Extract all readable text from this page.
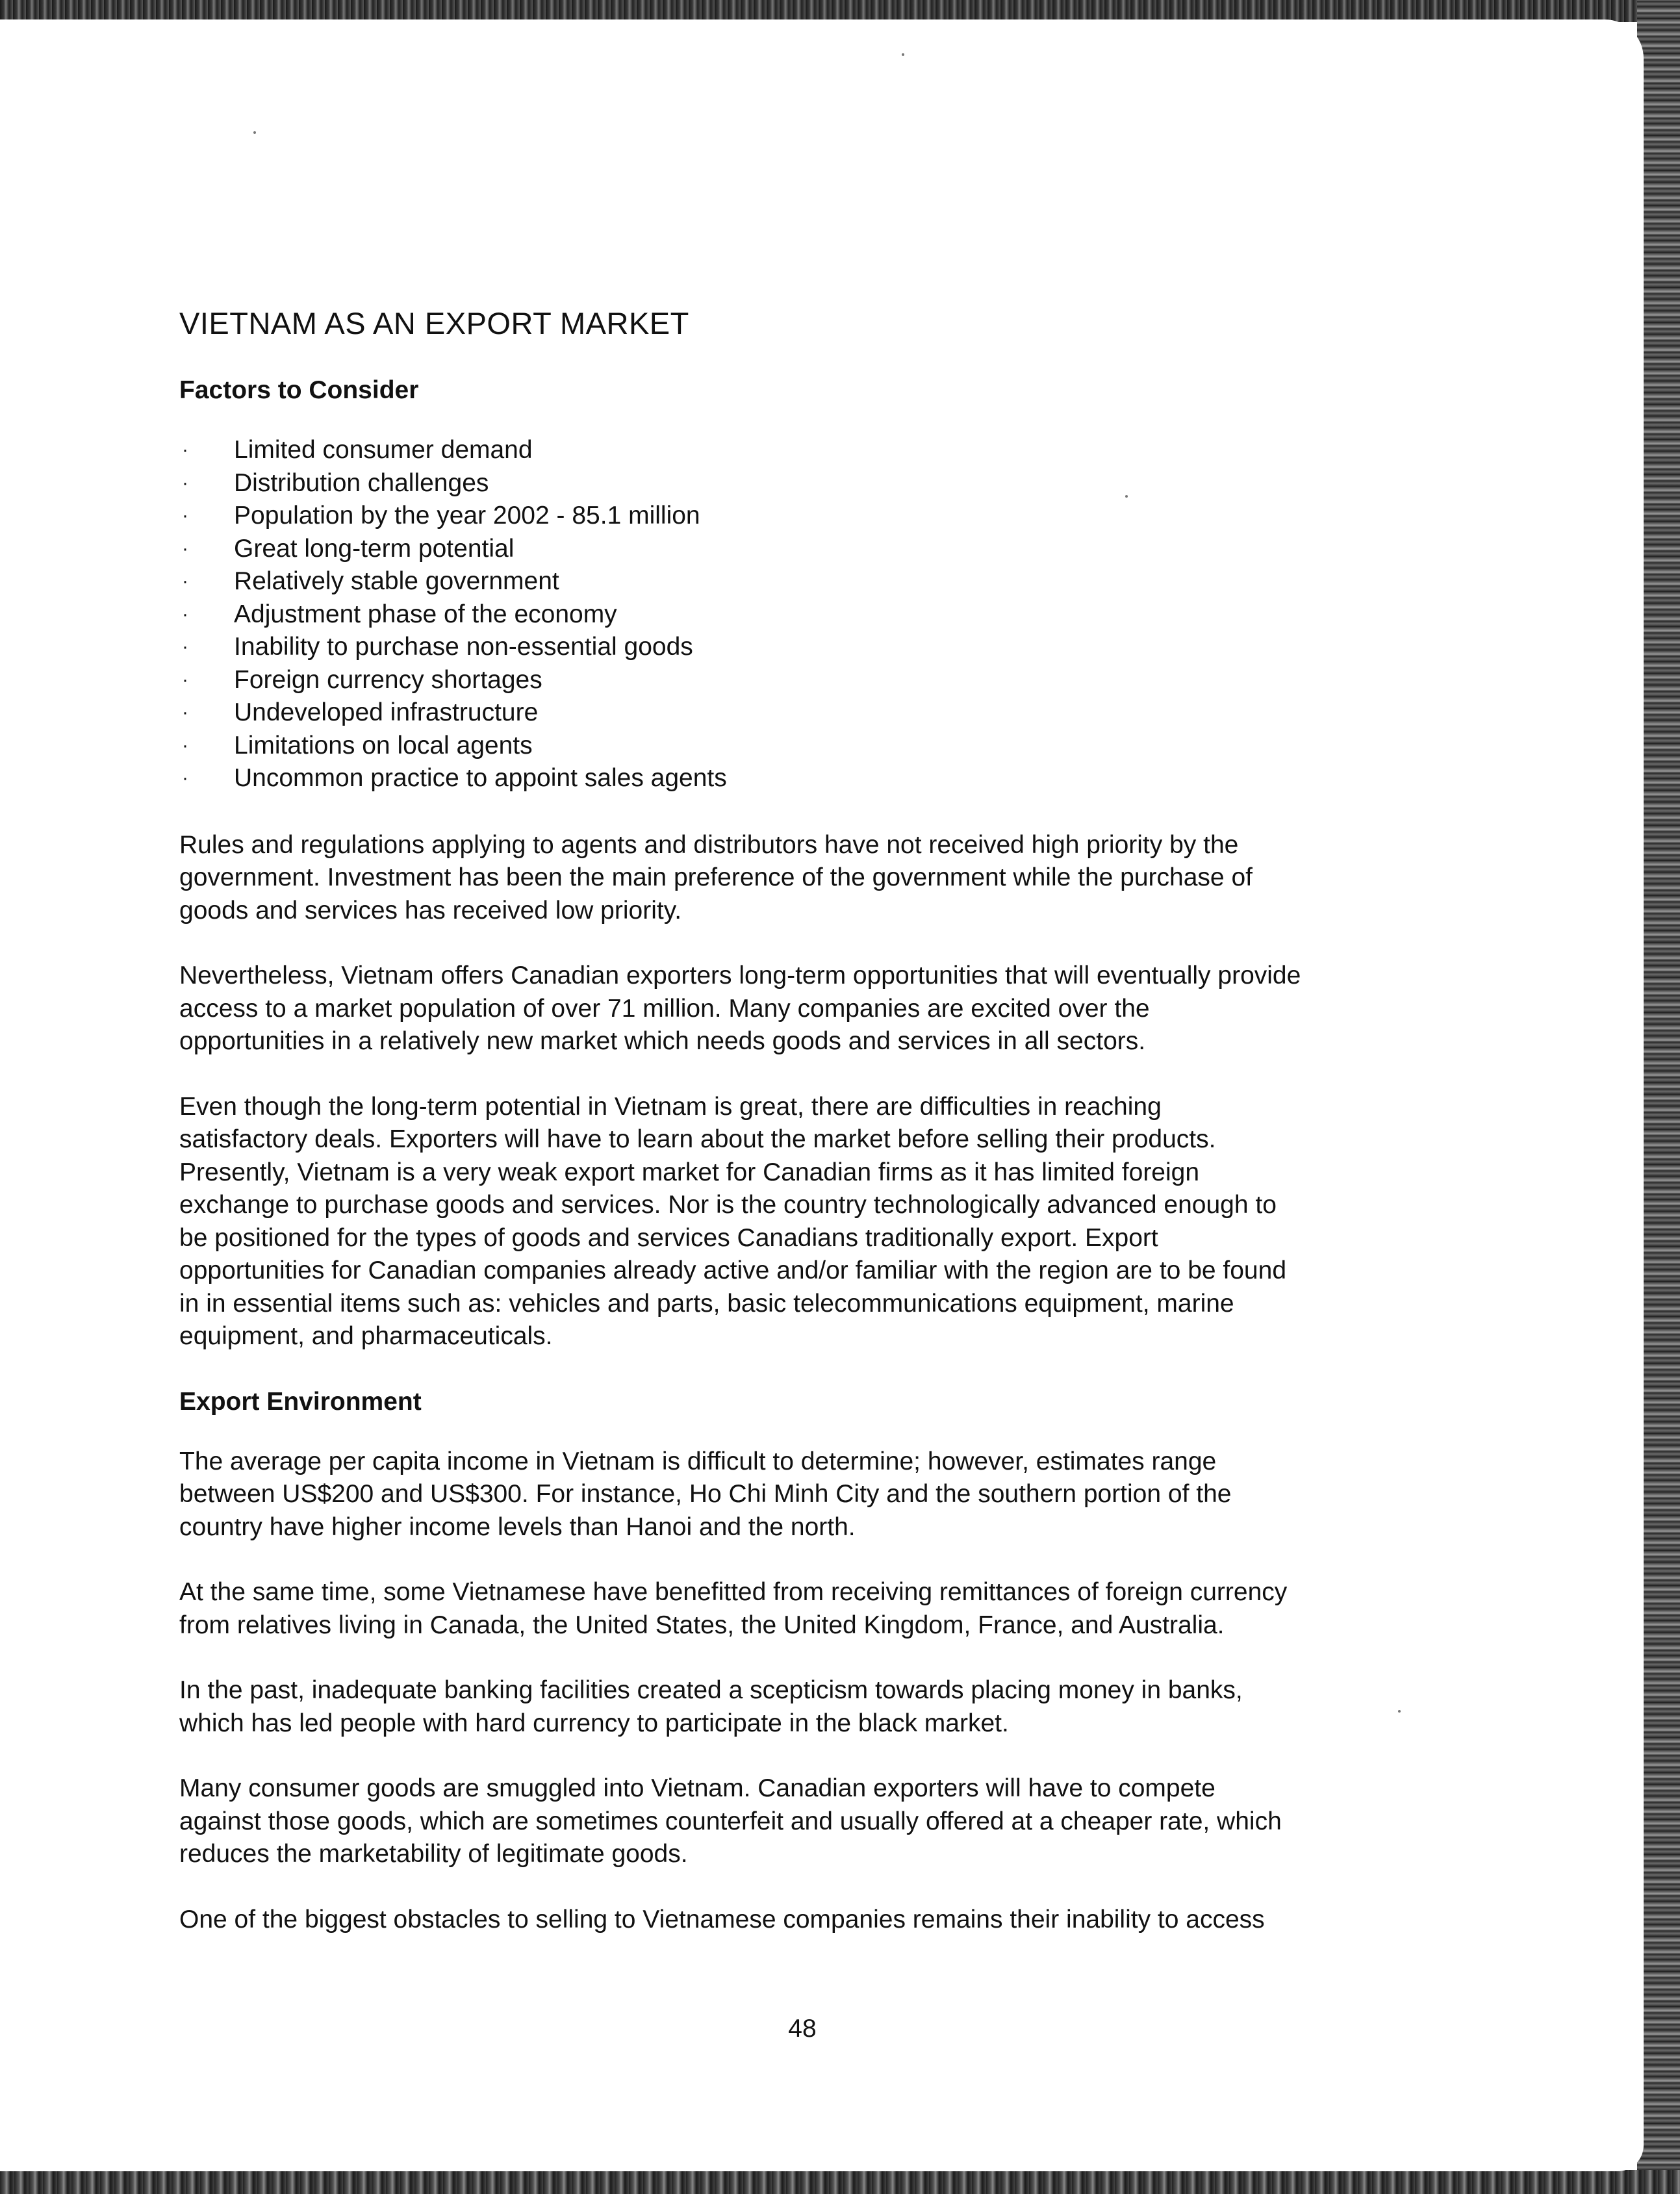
VIETNAM AS AN EXPORT MARKET
Factors to Consider
· Limited consumer demand
· Distribution challenges
· Population by the year 2002 - 85.1 million
· Great long-term potential
· Relatively stable government
· Adjustment phase of the economy
· Inability to purchase non-essential goods
· Foreign currency shortages
· Undeveloped infrastructure
· Limitations on local agents
· Uncommon practice to appoint sales agents

Rules and regulations applying to agents and distributors have not received high priority by the
government. Investment has been the main preference of the government while the purchase of
goods and services has received low priority.

Nevertheless, Vietnam offers Canadian exporters long-term opportunities that will eventually provide
access to a market population of over 71 million. Many companies are excited over the
opportunities in a relatively new market which needs goods and services in all sectors.

Even though the long-term potential in Vietnam is great, there are difficulties in reaching
satisfactory deals. Exporters will have to learn about the market before selling their products.
Presently, Vietnam is a very weak export market for Canadian firms as it has limited foreign
exchange to purchase goods and services. Nor is the country technologically advanced enough to
be positioned for the types of goods and services Canadians traditionally export. Export
opportunities for Canadian companies already active and/or familiar with the region are to be found
in in essential items such as: vehicles and parts, basic telecommunications equipment, marine
equipment, and pharmaceuticals.

Export Environment

The average per capita income in Vietnam is difficult to determine; however, estimates range
between US$200 and US$300. For instance, Ho Chi Minh City and the southern portion of the
country have higher income levels than Hanoi and the north.

At the same time, some Vietnamese have benefitted from receiving remittances of foreign currency
from relatives living in Canada, the United States, the United Kingdom, France, and Australia.

In the past, inadequate banking facilities created a scepticism towards placing money in banks,
which has led people with hard currency to participate in the black market.

Many consumer goods are smuggled into Vietnam. Canadian exporters will have to compete
against those goods, which are sometimes counterfeit and usually offered at a cheaper rate, which
reduces the marketability of legitimate goods.

One of the biggest obstacles to selling to Vietnamese companies remains their inability to access

48
